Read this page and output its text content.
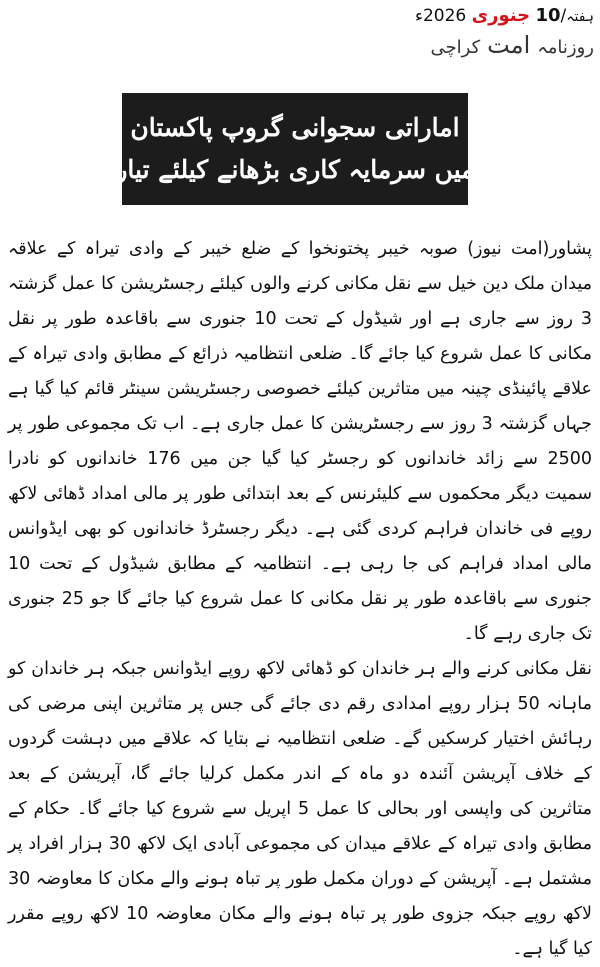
ہفتہ/10 جنوری 2026ء
روزنامہ امت کراچی
اماراتی سجوانی گروپ پاکستان
میں سرمایہ کاری بڑھانے کیلئے تیار

پشاور(امت نیوز) صوبہ خیبر پختونخوا کے ضلع خیبر کے وادی تیراہ کے علاقہ میدان ملک دین خیل سے نقل مکانی کرنے والوں کیلئے رجسٹریشن کا عمل گزشتہ 3 روز سے جاری ہے اور شیڈول کے تحت 10 جنوری سے باقاعدہ طور پر نقل مکانی کا عمل شروع کیا جائے گا۔ ضلعی انتظامیہ ذرائع کے مطابق وادی تیراہ کے علاقے پائینڈی چینہ میں متاثرین کیلئے خصوصی رجسٹریشن سینٹر قائم کیا گیا ہے جہاں گزشتہ 3 روز سے رجسٹریشن کا عمل جاری ہے۔ اب تک مجموعی طور پر 2500 سے زائد خاندانوں کو رجسٹر کیا گیا جن میں 176 خاندانوں کو نادرا سمیت دیگر محکموں سے کلیئرنس کے بعد ابتدائی طور پر مالی امداد ڈھائی لاکھ روپے فی خاندان فراہم کردی گئی ہے۔ دیگر رجسٹرڈ خاندانوں کو بھی ایڈوانس مالی امداد فراہم کی جا رہی ہے۔ انتظامیہ کے مطابق شیڈول کے تحت 10 جنوری سے باقاعدہ طور پر نقل مکانی کا عمل شروع کیا جائے گا جو 25 جنوری تک جاری رہے گا۔

نقل مکانی کرنے والے ہر خاندان کو ڈھائی لاکھ روپے ایڈوانس جبکہ ہر خاندان کو ماہانہ 50 ہزار روپے امدادی رقم دی جائے گی جس پر متاثرین اپنی مرضی کی رہائش اختیار کرسکیں گے۔ ضلعی انتظامیہ نے بتایا کہ علاقے میں دہشت گردوں کے خلاف آپریشن آئندہ دو ماہ کے اندر مکمل کرلیا جائے گا، آپریشن کے بعد متاثرین کی واپسی اور بحالی کا عمل 5 اپریل سے شروع کیا جائے گا۔ حکام کے مطابق وادی تیراہ کے علاقے میدان کی مجموعی آبادی ایک لاکھ 30 ہزار افراد پر مشتمل ہے۔ آپریشن کے دوران مکمل طور پر تباہ ہونے والے مکان کا معاوضہ 30 لاکھ روپے جبکہ جزوی طور پر تباہ ہونے والے مکان معاوضہ 10 لاکھ روپے مقرر کیا گیا ہے۔
